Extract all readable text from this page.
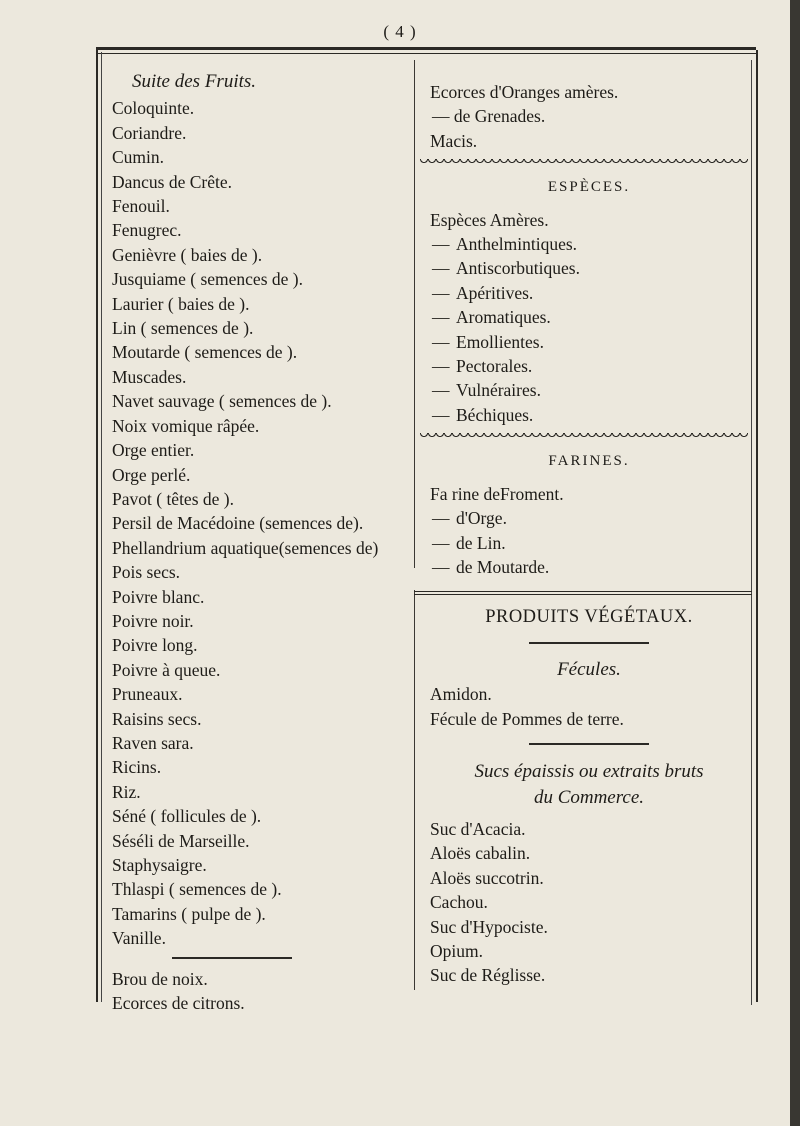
( 4 )
Suite des Fruits.
Coloquinte.
Coriandre.
Cumin.
Dancus de Crête.
Fenouil.
Fenugrec.
Genièvre ( baies de ).
Jusquiame ( semences de ).
Laurier ( baies de ).
Lin ( semences de ).
Moutarde ( semences de ).
Muscades.
Navet sauvage ( semences de ).
Noix vomique râpée.
Orge entier.
Orge perlé.
Pavot ( têtes de ).
Persil de Macédoine (semences de).
Phellandrium aquatique(semences de)
Pois secs.
Poivre blanc.
Poivre noir.
Poivre long.
Poivre à queue.
Pruneaux.
Raisins secs.
Raven sara.
Ricins.
Riz.
Séné ( follicules de ).
Séséli de Marseille.
Staphysaigre.
Thlaspi ( semences de ).
Tamarins ( pulpe de ).
Vanille.
Brou de noix.
Ecorces de citrons.
Ecorces d'Oranges amères.
— de Grenades.
Macis.
ESPÈCES.
Espèces Amères.
— Anthelmintiques.
— Antiscorbutiques.
— Apéritives.
— Aromatiques.
— Emollientes.
— Pectorales.
— Vulnéraires.
— Béchiques.
FARINES.
Fa rine deFroment.
— d'Orge.
— de Lin.
— de Moutarde.
PRODUITS VÉGÉTAUX.
Fécules.
Amidon.
Fécule de Pommes de terre.
Sucs épaissis ou extraits bruts
du Commerce.
Suc d'Acacia.
Aloës cabalin.
Aloës succotrin.
Cachou.
Suc d'Hypociste.
Opium.
Suc de Réglisse.
